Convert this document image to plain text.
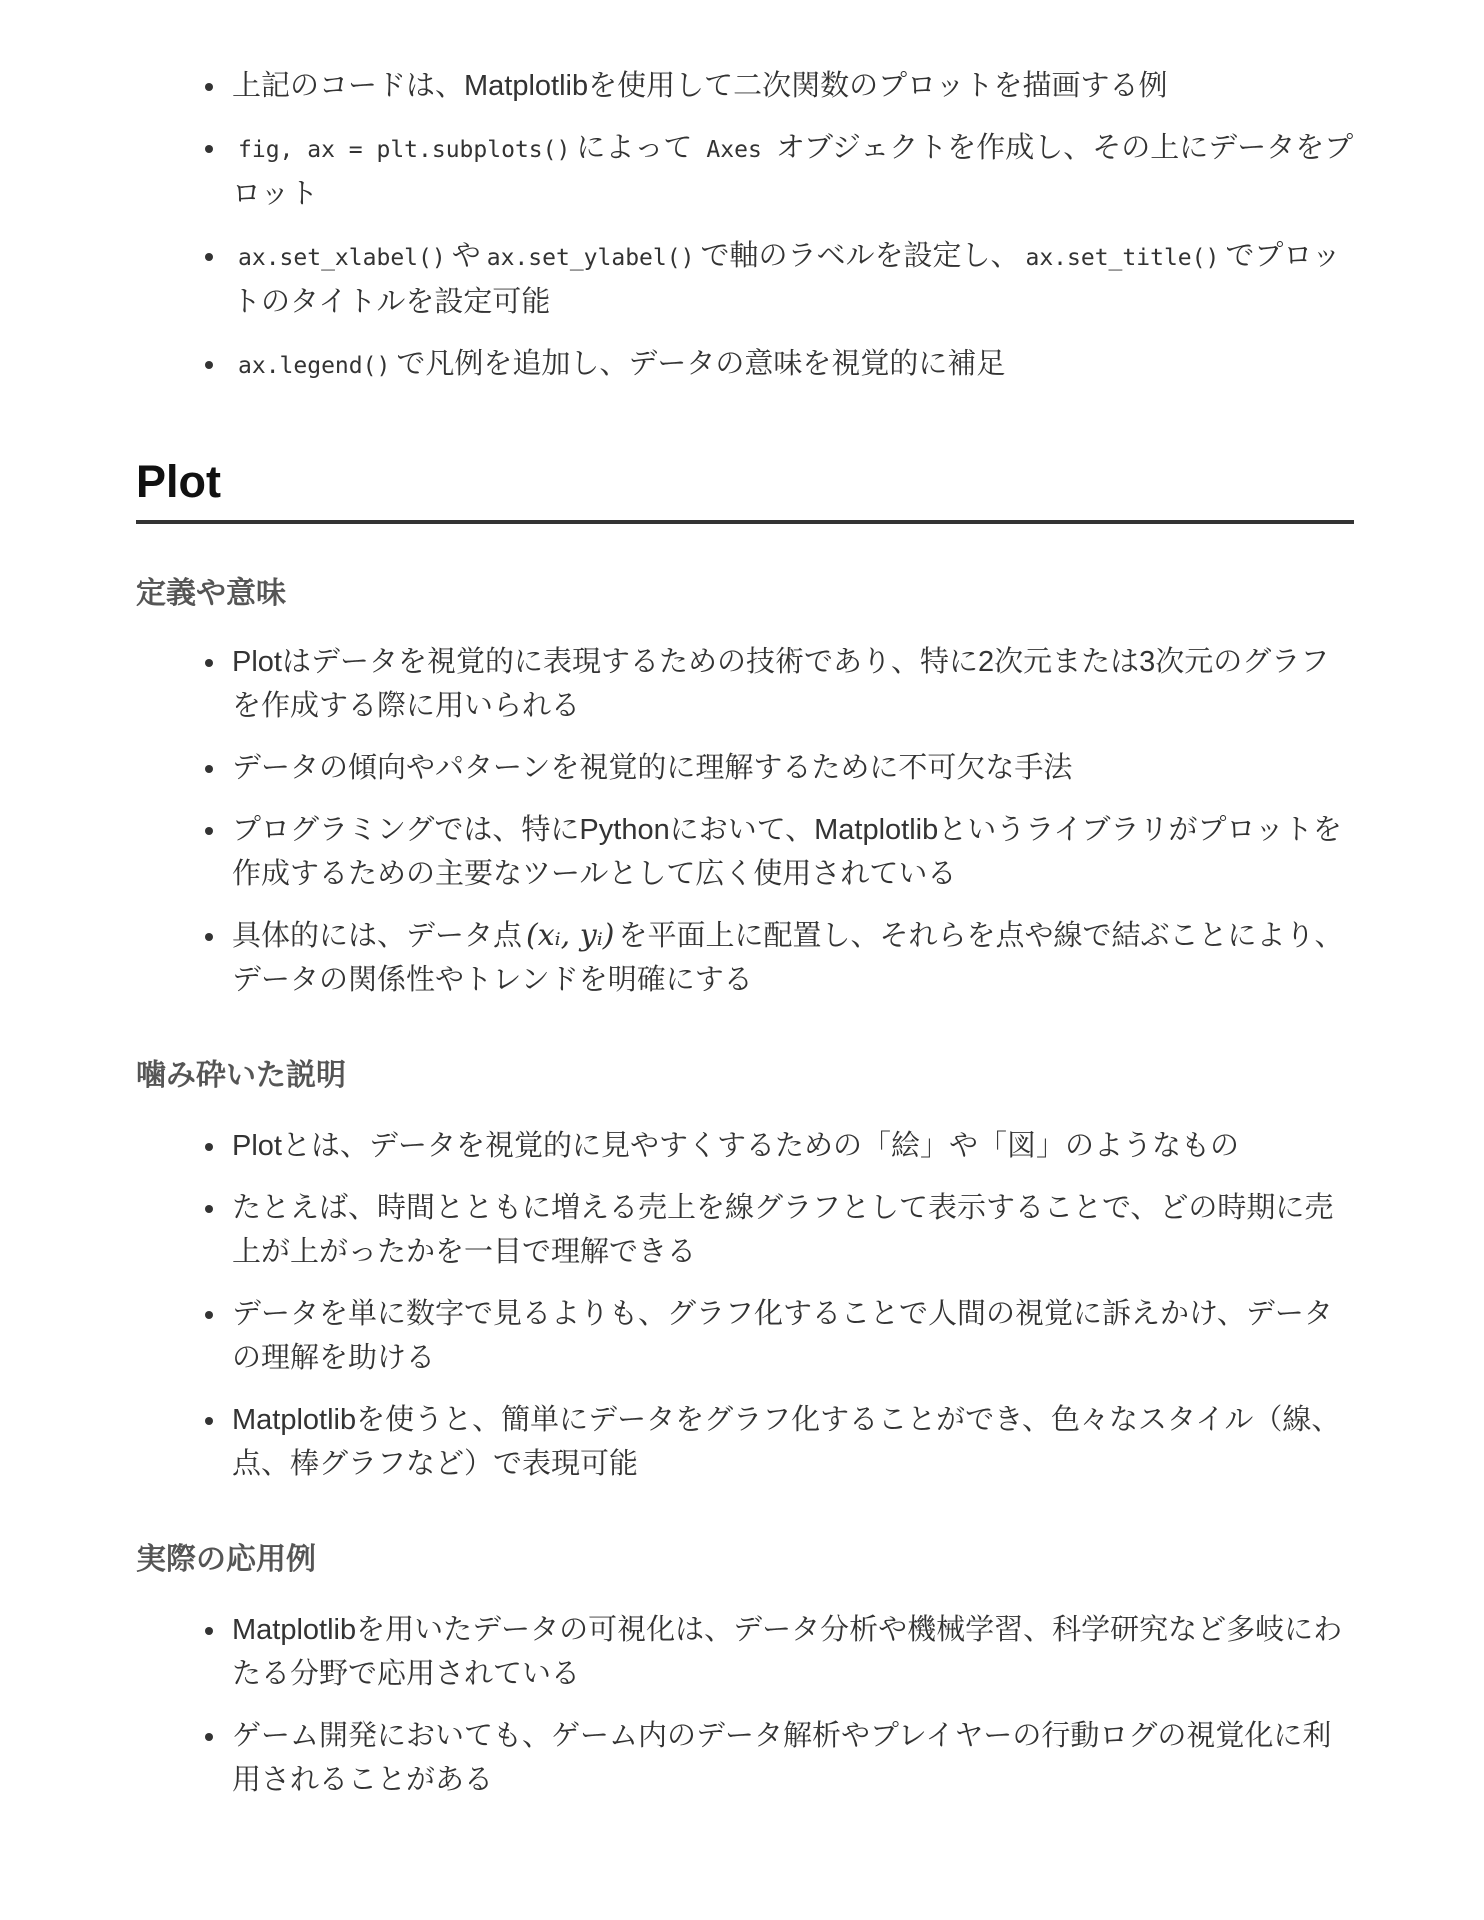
上記のコードは、Matplotlibを使用して二次関数のプロットを描画する例
fig, ax = plt.subplots() によって Axes オブジェクトを作成し、その上にデータをプロット
ax.set_xlabel() や ax.set_ylabel() で軸のラベルを設定し、 ax.set_title() でプロットのタイトルを設定可能
ax.legend() で凡例を追加し、データの意味を視覚的に補足
Plot
定義や意味
Plotはデータを視覚的に表現するための技術であり、特に2次元または3次元のグラフを作成する際に用いられる
データの傾向やパターンを視覚的に理解するために不可欠な手法
プログラミングでは、特にPythonにおいて、Matplotlibというライブラリがプロットを作成するための主要なツールとして広く使用されている
具体的には、データ点 (xᵢ, yᵢ) を平面上に配置し、それらを点や線で結ぶことにより、データの関係性やトレンドを明確にする
噛み砕いた説明
Plotとは、データを視覚的に見やすくするための「絵」や「図」のようなもの
たとえば、時間とともに増える売上を線グラフとして表示することで、どの時期に売上が上がったかを一目で理解できる
データを単に数字で見るよりも、グラフ化することで人間の視覚に訴えかけ、データの理解を助ける
Matplotlibを使うと、簡単にデータをグラフ化することができ、色々なスタイル（線、点、棒グラフなど）で表現可能
実際の応用例
Matplotlibを用いたデータの可視化は、データ分析や機械学習、科学研究など多岐にわたる分野で応用されている
ゲーム開発においても、ゲーム内のデータ解析やプレイヤーの行動ログの視覚化に利用されることがある
